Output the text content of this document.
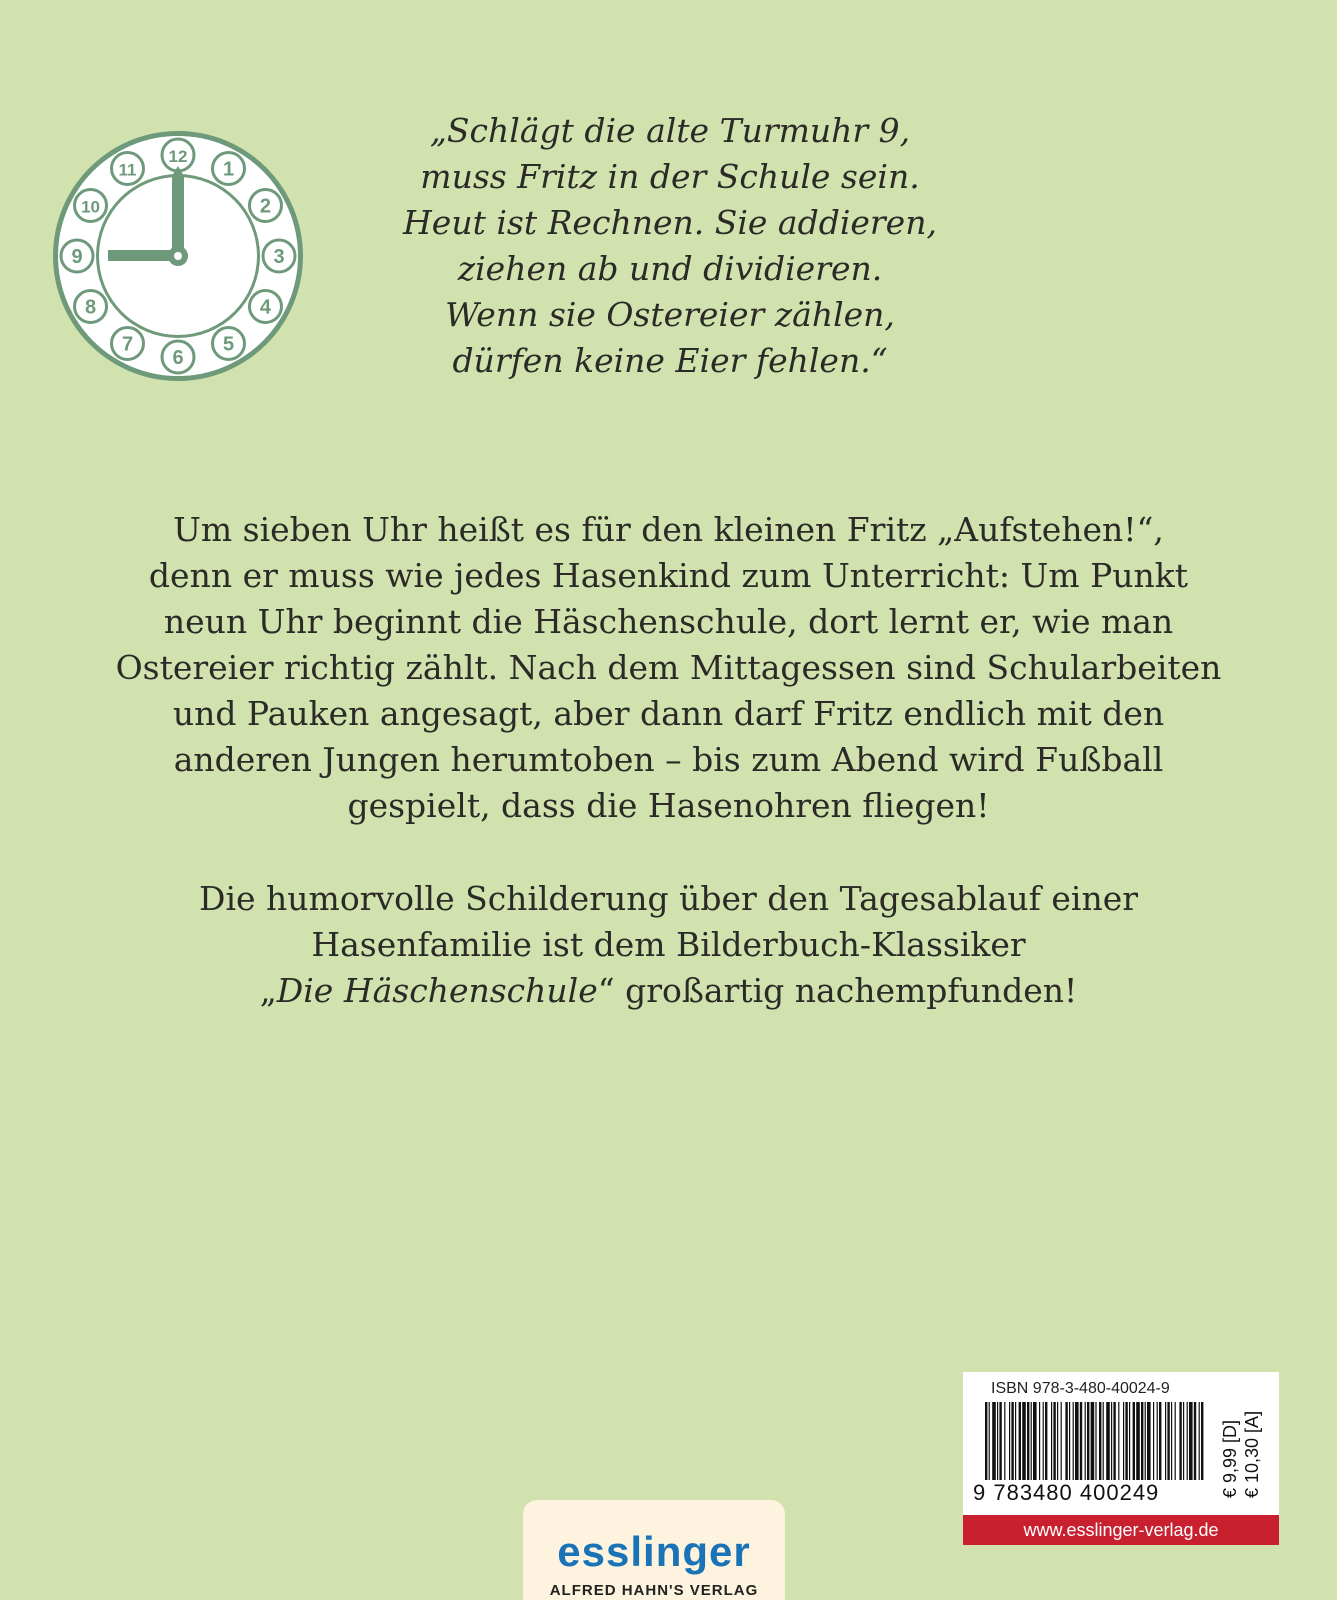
12
1
2
3
4
5
6
7
8
9
10
11
„Schlägt die alte Turmuhr 9,
muss Fritz in der Schule sein.
Heut ist Rechnen. Sie addieren,
ziehen ab und dividieren.
Wenn sie Ostereier zählen,
dürfen keine Eier fehlen.“
Um sieben Uhr heißt es für den kleinen Fritz „Aufstehen!“,
denn er muss wie jedes Hasenkind zum Unterricht: Um Punkt
neun Uhr beginnt die Häschenschule, dort lernt er, wie man
Ostereier richtig zählt. Nach dem Mittagessen sind Schularbeiten
und Pauken angesagt, aber dann darf Fritz endlich mit den
anderen Jungen herumtoben – bis zum Abend wird Fußball
gespielt, dass die Hasenohren fliegen!
Die humorvolle Schilderung über den Tagesablauf einer
Hasenfamilie ist dem Bilderbuch-Klassiker
„Die Häschenschule“ großartig nachempfunden!
ISBN 978-3-480-40024-9
9 783480 400249	€ 9,99 [D] € 10,30 [A]
www.esslinger-verlag.de
esslinger
ALFRED HAHN'S VERLAG
